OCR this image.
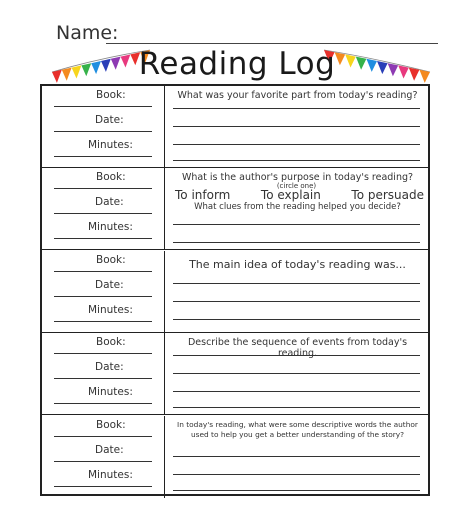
Name:
Reading Log
Book:
Date:
Minutes:
What was your favorite part from today's reading?
Book:
Date:
Minutes:
What is the author's purpose in today's reading?
(circle one)
To inform	To explain	To persuade
What clues from the reading helped you decide?
Book:
Date:
Minutes:
The main idea of today's reading was...
Book:
Date:
Minutes:
Describe the sequence of events from today's reading.
Book:
Date:
Minutes:
In today's reading, what were some descriptive words the author used to help you get a better understanding of the story?
